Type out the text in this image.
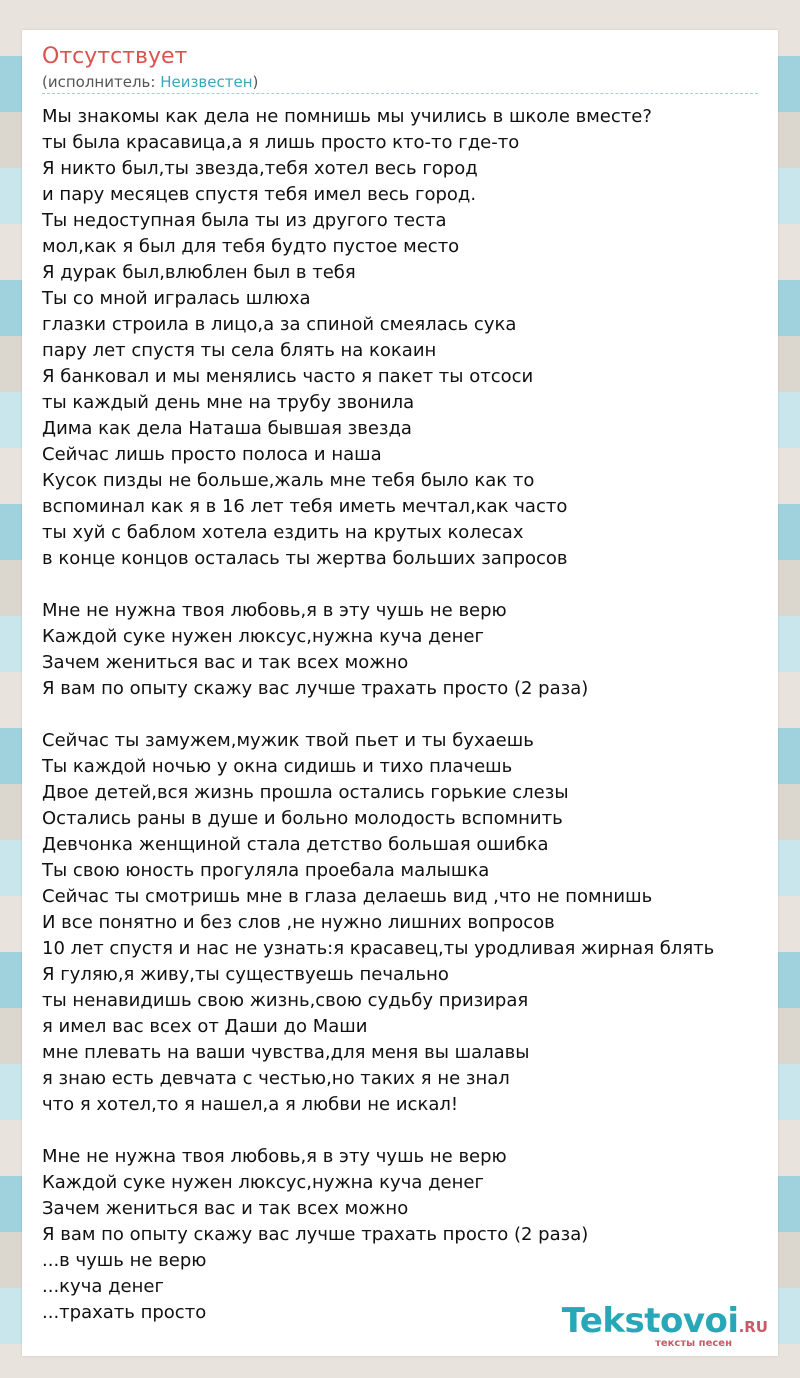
Отсутствует
(исполнитель: Неизвестен)
Мы знакомы как дела не помнишь мы учились в школе вместе?
ты была красавица,а я лишь просто кто-то где-то
Я никто был,ты звезда,тебя хотел весь город
и пару месяцев спустя тебя имел весь город.
Ты недоступная была ты из другого теста
мол,как я был для тебя будто пустое место
Я дурак был,влюблен был в тебя
Ты со мной игралась шлюха
глазки строила в лицо,а за спиной смеялась сука
пару лет спустя ты села блять на кокаин
Я банковал и мы менялись часто я пакет ты отсоси
ты каждый день мне на трубу звонила
Дима как дела Наташа бывшая звезда
Сейчас лишь просто полоса и наша
Кусок пизды не больше,жаль мне тебя было как то
вспоминал как я в 16 лет тебя иметь мечтал,как часто
ты хуй с баблом хотела ездить на крутых колесах
в конце концов осталась ты жертва больших запросов
Мне не нужна твоя любовь,я в эту чушь не верю
Каждой суке нужен люксус,нужна куча денег
Зачем жениться вас и так всех можно
Я вам по опыту скажу вас лучше трахать просто (2 раза)
Сейчас ты замужем,мужик твой пьет и ты бухаешь
Ты каждой ночью у окна сидишь и тихо плачешь
Двое детей,вся жизнь прошла остались горькие слезы
Остались раны в душе и больно молодость вспомнить
Девчонка женщиной стала детство большая ошибка
Ты свою юность прогуляла проебала малышка
Сейчас ты смотришь мне в глаза делаешь вид ,что не помнишь
И все понятно и без слов ,не нужно лишних вопросов
10 лет спустя и нас не узнать:я красавец,ты уродливая жирная блять
Я гуляю,я живу,ты существуешь печально
ты ненавидишь свою жизнь,свою судьбу призирая
я имел вас всех от Даши до Маши
мне плевать на ваши чувства,для меня вы шалавы
я знаю есть девчата с честью,но таких я не знал
что я хотел,то я нашел,а я любви не искал!
Мне не нужна твоя любовь,я в эту чушь не верю
Каждой суке нужен люксус,нужна куча денег
Зачем жениться вас и так всех можно
Я вам по опыту скажу вас лучше трахать просто (2 раза)
...в чушь не верю
...куча денег
...трахать просто	Tekstovoi.RU
тексты песен
